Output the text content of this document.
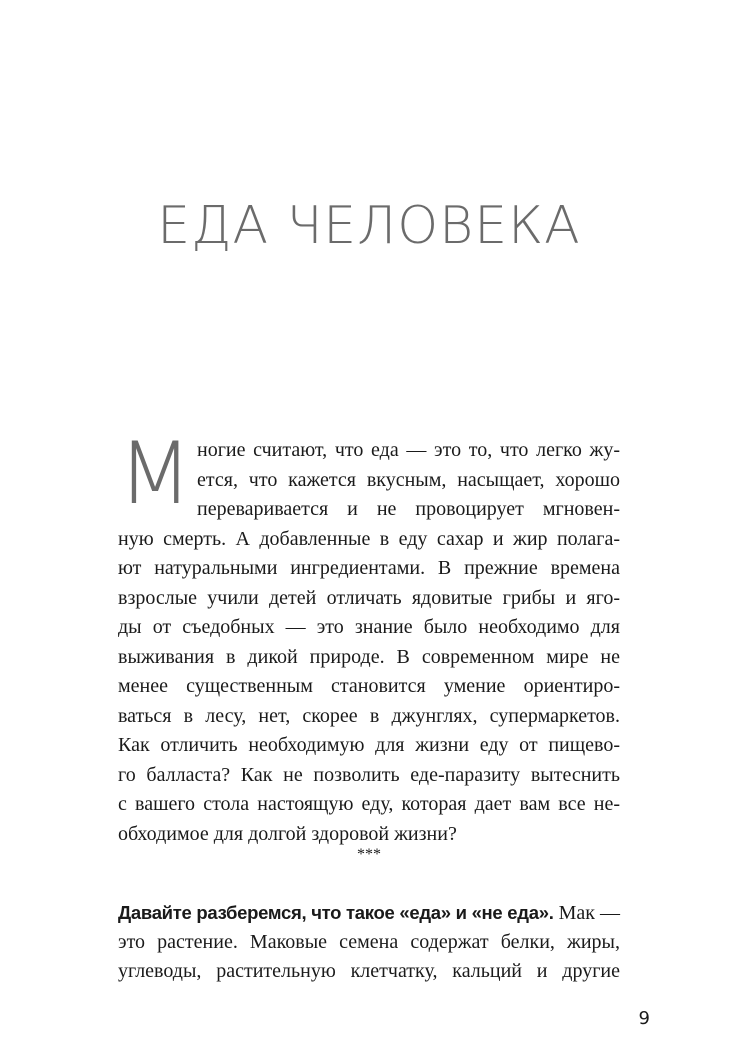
ЕДА ЧЕЛОВЕКА
М ногие считают, что еда — это то, что легко жу-
ется, что кажется вкусным, насыщает, хорошо
переваривается и не провоцирует мгновен-
ную смерть. А добавленные в еду сахар и жир полага-
ют натуральными ингредиентами. В прежние времена
взрослые учили детей отличать ядовитые грибы и яго-
ды от съедобных — это знание было необходимо для
выживания в дикой природе. В современном мире не
менее существенным становится умение ориентиро-
ваться в лесу, нет, скорее в джунглях, супермаркетов.
Как отличить необходимую для жизни еду от пищево-
го балласта? Как не позволить еде-паразиту вытеснить
с вашего стола настоящую еду, которая дает вам все не-
обходимое для долгой здоровой жизни?
***
Давайте разберемся, что такое «еда» и «не еда». Мак —
это растение. Маковые семена содержат белки, жиры,
углеводы, растительную клетчатку, кальций и другие
9
